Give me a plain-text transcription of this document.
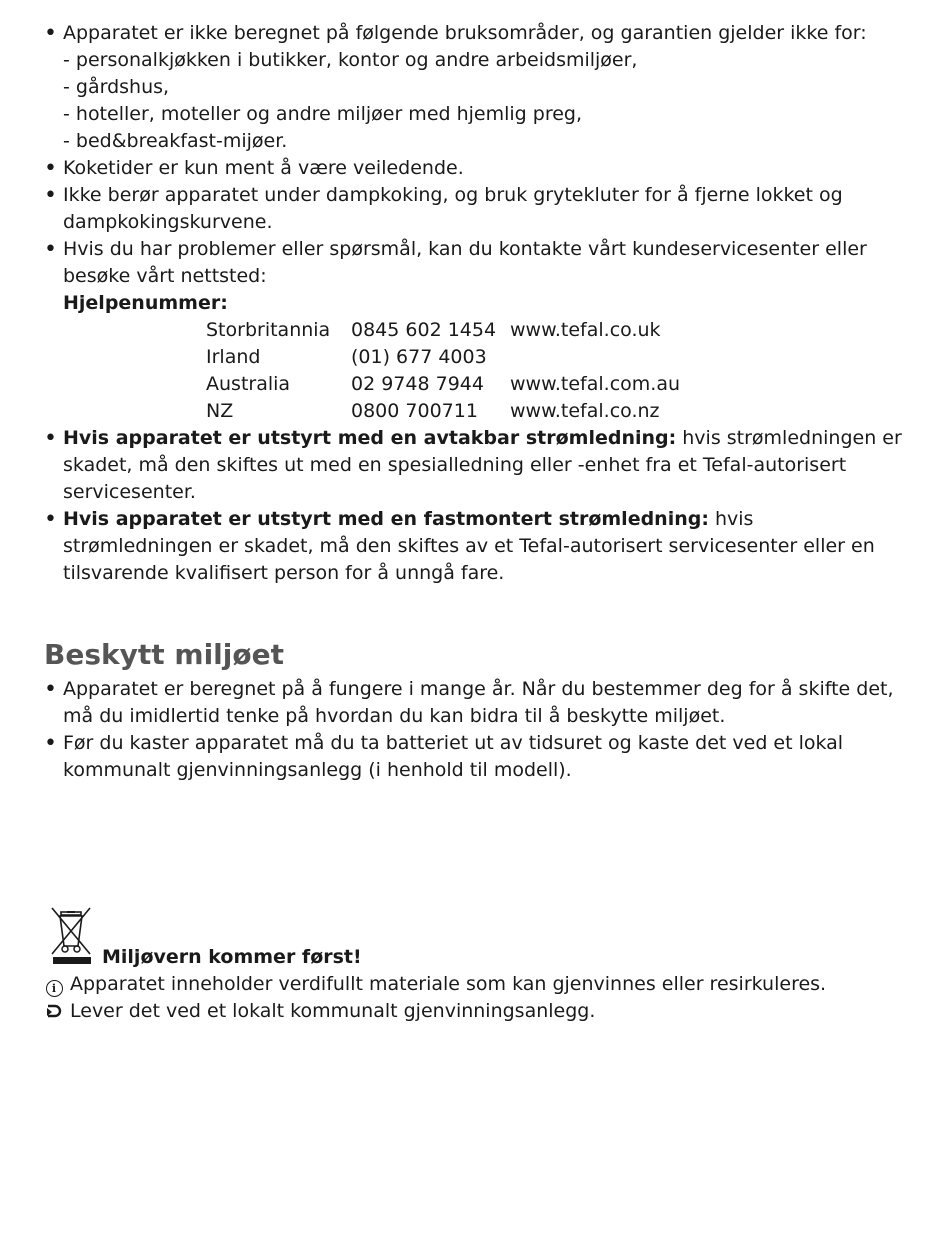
• Apparatet er ikke beregnet på følgende bruksområder, og garantien gjelder ikke for:
- personalkjøkken i butikker, kontor og andre arbeidsmiljøer,
- gårdshus,
- hoteller, moteller og andre miljøer med hjemlig preg,
- bed&breakfast-mijøer.
• Koketider er kun ment å være veiledende.
• Ikke berør apparatet under dampkoking, og bruk grytekluter for å fjerne lokket og dampkokingskurvene.
• Hvis du har problemer eller spørsmål, kan du kontakte vårt kundeservicesenter eller besøke vårt nettsted:
Hjelpenummer:
Storbritannia	0845 602 1454	www.tefal.co.uk
Irland	(01) 677 4003	
Australia	02 9748 7944	www.tefal.com.au
NZ	0800 700711	www.tefal.co.nz
• Hvis apparatet er utstyrt med en avtakbar strømledning: hvis strømledningen er skadet, må den skiftes ut med en spesialledning eller -enhet fra et Tefal-autorisert servicesenter.
• Hvis apparatet er utstyrt med en fastmontert strømledning: hvis strømledningen er skadet, må den skiftes av et Tefal-autorisert servicesenter eller en tilsvarende kvalifisert person for å unngå fare.
Beskytt miljøet
• Apparatet er beregnet på å fungere i mange år. Når du bestemmer deg for å skifte det, må du imidlertid tenke på hvordan du kan bidra til å beskytte miljøet.
• Før du kaster apparatet må du ta batteriet ut av tidsuret og kaste det ved et lokal kommunalt gjenvinningsanlegg (i henhold til modell).
Miljøvern kommer først!
i Apparatet inneholder verdifullt materiale som kan gjenvinnes eller resirkuleres.
Lever det ved et lokalt kommunalt gjenvinningsanlegg.
